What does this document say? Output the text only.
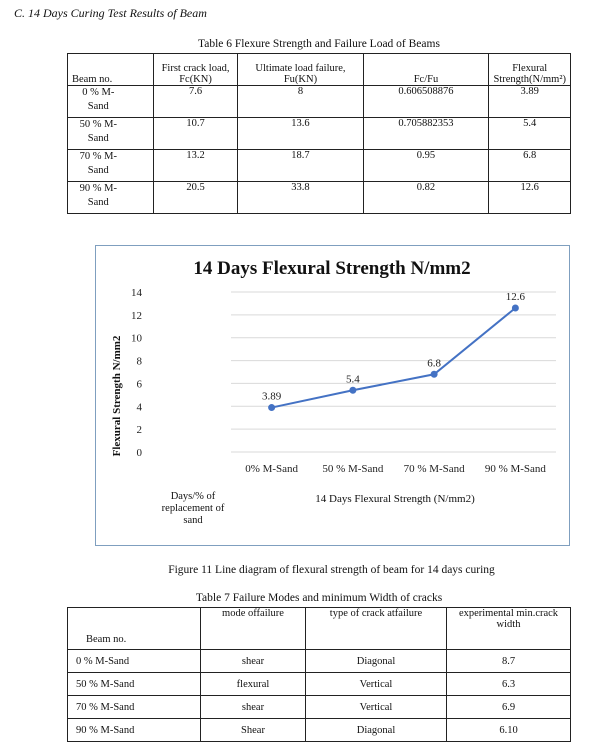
C. 14 Days Curing Test Results of Beam
Table 6 Flexure Strength and Failure Load of Beams
Beam no.	First crack load, Fc(KN)	Ultimate load failure, Fu(KN)	Fc/Fu	Flexural Strength(N/mm²)
0 % M-Sand	7.6	8	0.606508876	3.89
50 % M-Sand	10.7	13.6	0.705882353	5.4
70 % M-Sand	13.2	18.7	0.95	6.8
90 % M-Sand	20.5	33.8	0.82	12.6
14 Days Flexural Strength N/mm2
0
2
4
6
8
10
12
14
0% M-Sand 50 % M-Sand 70 % M-Sand 90 % M-Sand
3.89
5.4
6.8
12.6
Flexural Strength N/mm2
14 Days Flexural Strength (N/mm2)
Days/% of replacement of sand
Figure 11 Line diagram of flexural strength of beam for 14 days curing
Table 7 Failure Modes and minimum Width of cracks
Beam no.	mode offailure	type of crack atfailure	experimental min.crack width
0 % M-Sand	shear	Diagonal	8.7
50 % M-Sand	flexural	Vertical	6.3
70 % M-Sand	shear	Vertical	6.9
90 % M-Sand	Shear	Diagonal	6.10
